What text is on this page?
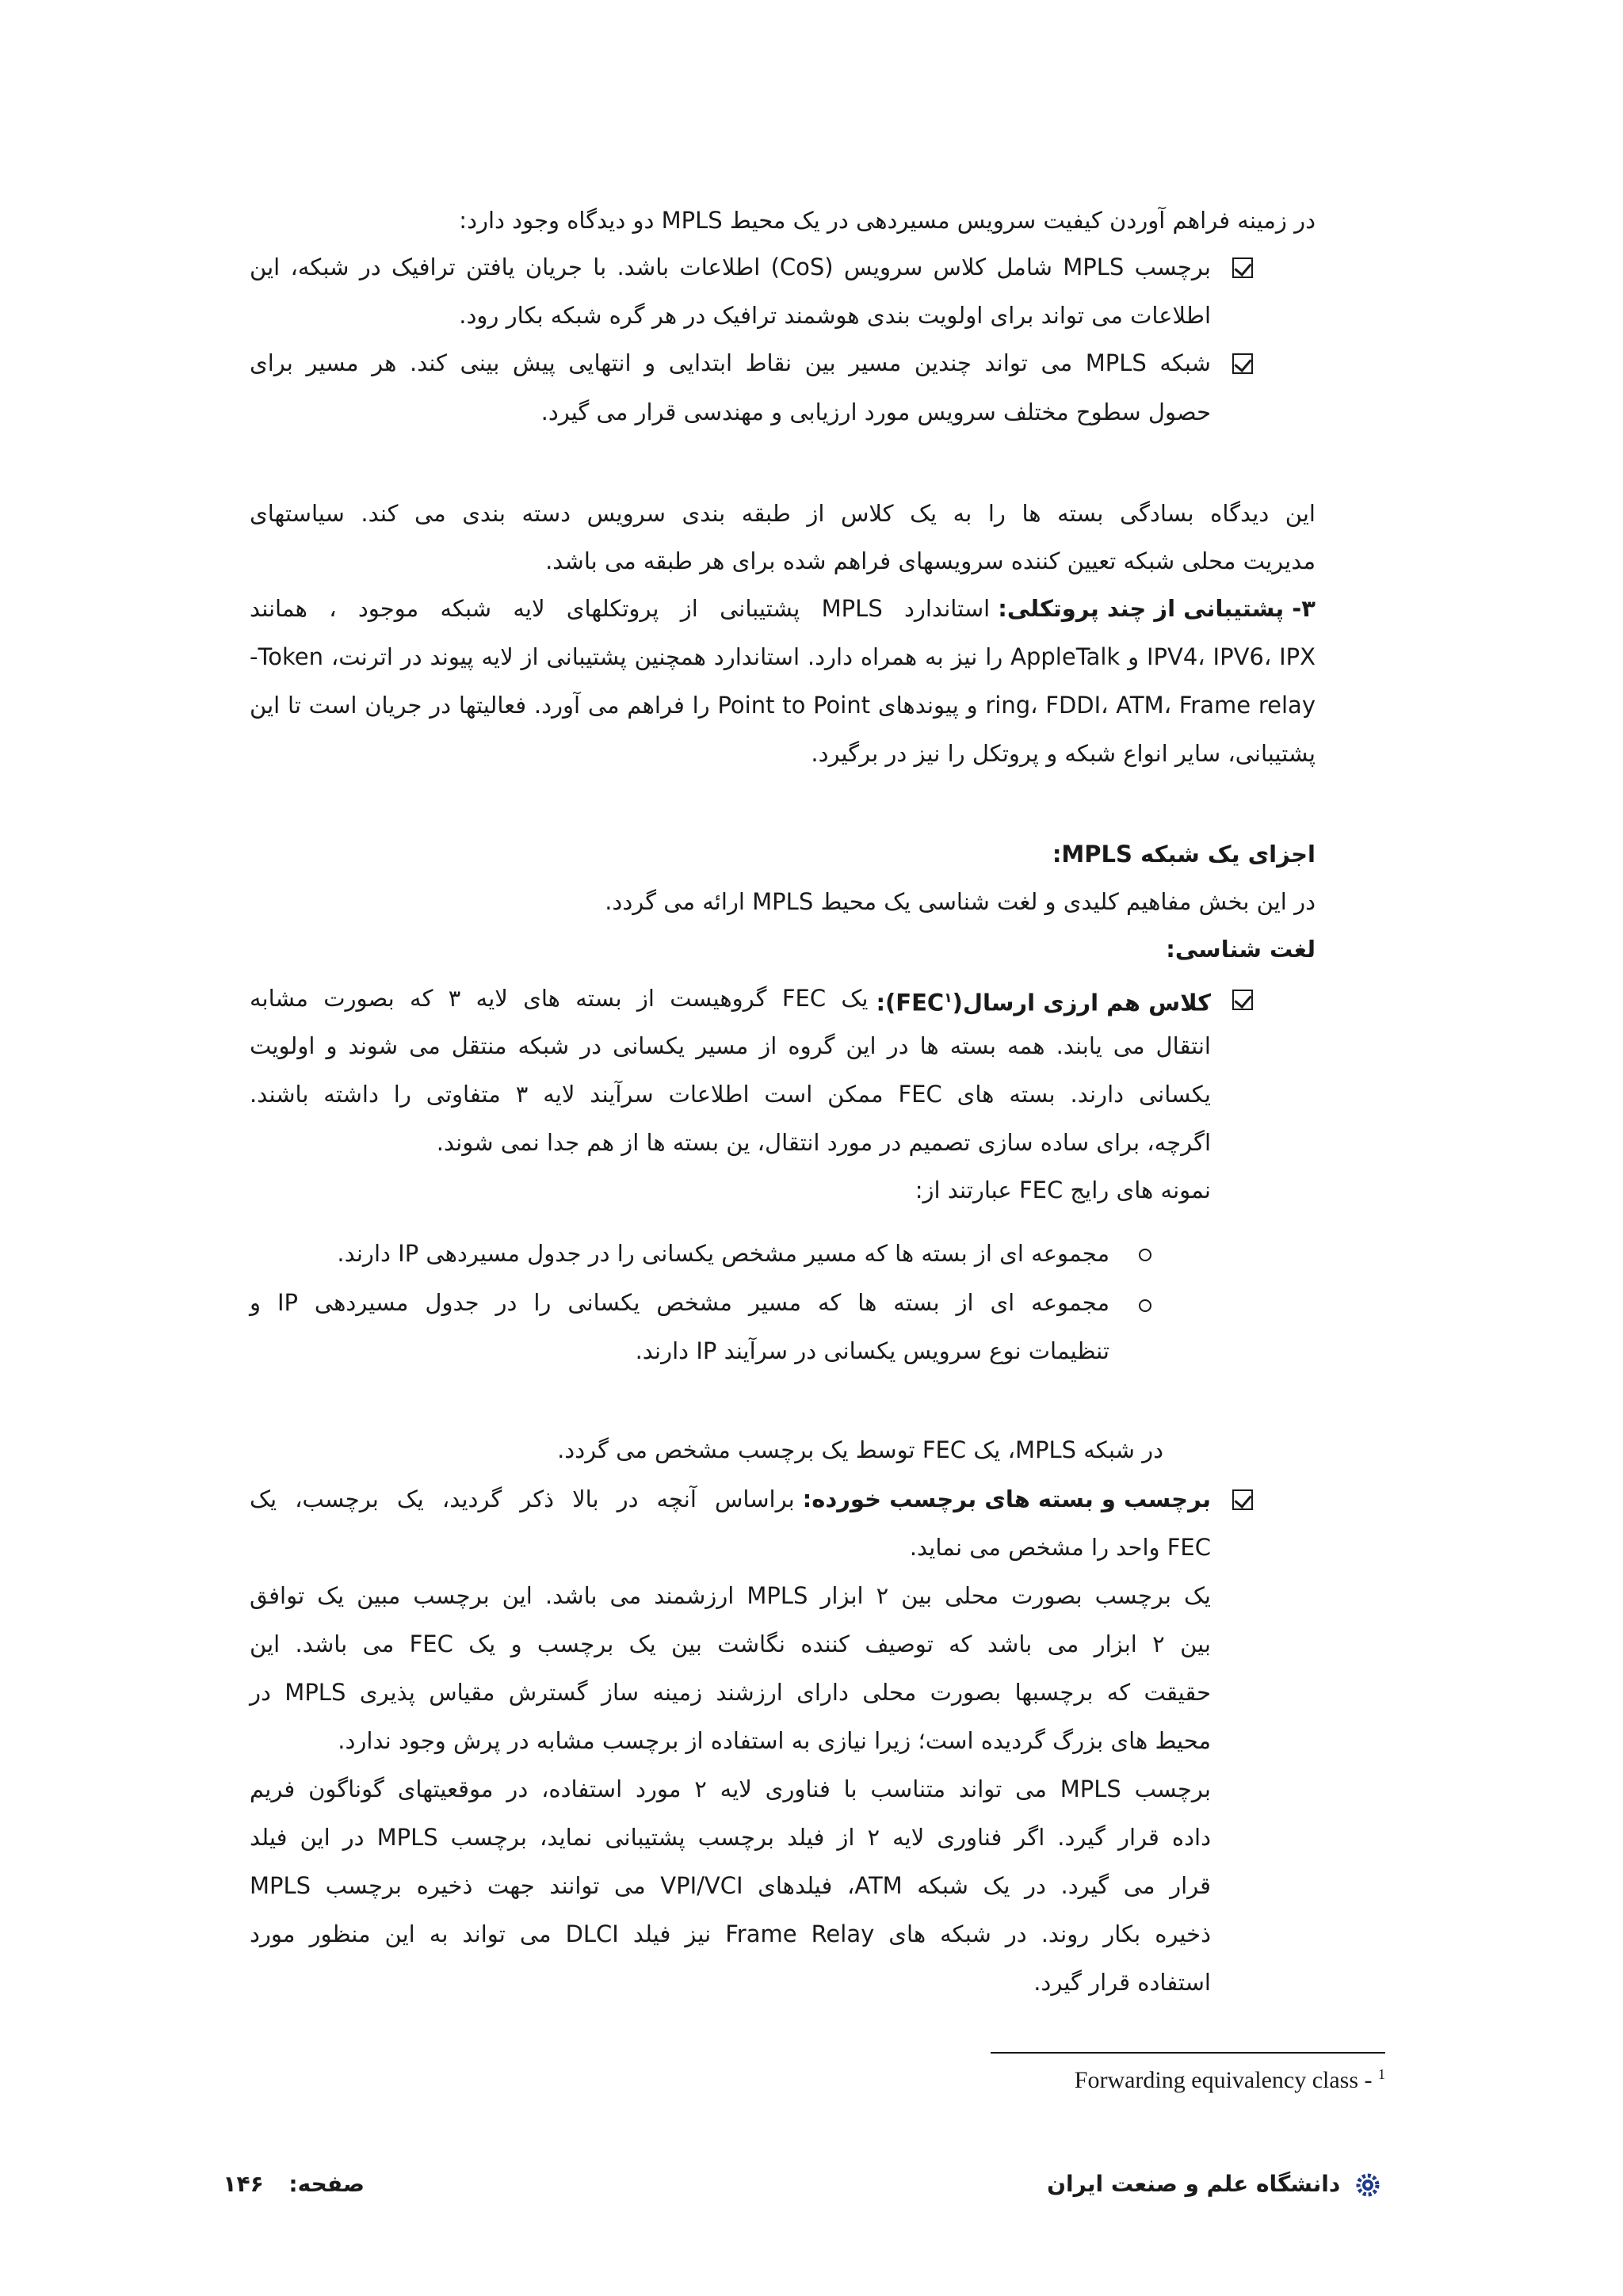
در زمینه فراهم آوردن کیفیت سرویس مسیردهی در یک محیط MPLS دو دیدگاه وجود دارد:
برچسب MPLS شامل کلاس سرویس (CoS) اطلاعات باشد. با جریان یافتن ترافیک در شبکه، این
اطلاعات می تواند برای اولویت بندی هوشمند ترافیک در هر گره شبکه بکار رود.
شبکه MPLS می تواند چندین مسیر بین نقاط ابتدایی و انتهایی پیش بینی کند. هر مسیر برای
حصول سطوح مختلف سرویس مورد ارزیابی و مهندسی قرار می گیرد.
این دیدگاه بسادگی بسته ها را به یک کلاس از طبقه بندی سرویس دسته بندی می کند. سیاستهای
مدیریت محلی شبکه تعیین کننده سرویسهای فراهم شده برای هر طبقه می باشد.
۳- پشتیبانی از چند پروتکلی:
استاندارد MPLS پشتیبانی از پروتکلهای لایه شبکه موجود ، همانند
IPV4، IPV6، IPX و AppleTalk را نیز به همراه دارد. استاندارد همچنین پشتیبانی از لایه پیوند در اترنت، Token-
ring، FDDI، ATM، Frame relay و پیوندهای Point to Point را فراهم می آورد. فعالیتها در جریان است تا این
پشتیبانی، سایر انواع شبکه و پروتکل را نیز در برگیرد.
اجزای یک شبکه MPLS:
در این بخش مفاهیم کلیدی و لغت شناسی یک محیط MPLS ارائه می گردد.
لغت شناسی:
کلاس هم ارزی ارسال(FEC$^۱$):
یک FEC گروهیست از بسته های لایه ۳ که بصورت مشابه
انتقال می یابند. همه بسته ها در این گروه از مسیر یکسانی در شبکه منتقل می شوند و اولویت
یکسانی دارند. بسته های FEC ممکن است اطلاعات سرآیند لایه ۳ متفاوتی را داشته باشند.
اگرچه، برای ساده سازی تصمیم در مورد انتقال، ین بسته ها از هم جدا نمی شوند.
نمونه های رایج FEC عبارتند از:
مجموعه ای از بسته ها که مسیر مشخص یکسانی را در جدول مسیردهی IP دارند.
مجموعه ای از بسته ها که مسیر مشخص یکسانی را در جدول مسیردهی IP و
تنظیمات نوع سرویس یکسانی در سرآیند IP دارند.
در شبکه MPLS، یک FEC توسط یک برچسب مشخص می گردد.
برچسب و بسته های برچسب خورده:
براساس آنچه در بالا ذکر گردید، یک برچسب، یک
FEC واحد را مشخص می نماید.
یک برچسب بصورت محلی بین ۲ ابزار MPLS ارزشمند می باشد. این برچسب مبین یک توافق
بین ۲ ابزار می باشد که توصیف کننده نگاشت بین یک برچسب و یک FEC می باشد. این
حقیقت که برچسبها بصورت محلی دارای ارزشند زمینه ساز گسترش مقیاس پذیری MPLS در
محیط های بزرگ گردیده است؛ زیرا نیازی به استفاده از برچسب مشابه در پرش وجود ندارد.
برچسب MPLS می تواند متناسب با فناوری لایه ۲ مورد استفاده، در موقعیتهای گوناگون فریم
داده قرار گیرد. اگر فناوری لایه ۲ از فیلد برچسب پشتیبانی نماید، برچسب MPLS در این فیلد
قرار می گیرد. در یک شبکه ATM، فیلدهای VPI/VCI می توانند جهت ذخیره برچسب MPLS
ذخیره بکار روند. در شبکه های Frame Relay نیز فیلد DLCI می تواند به این منظور مورد
استفاده قرار گیرد.
Forwarding equivalency class - $^1$
دانشگاه علم و صنعت ایران
صفحه: ۱۴۶
